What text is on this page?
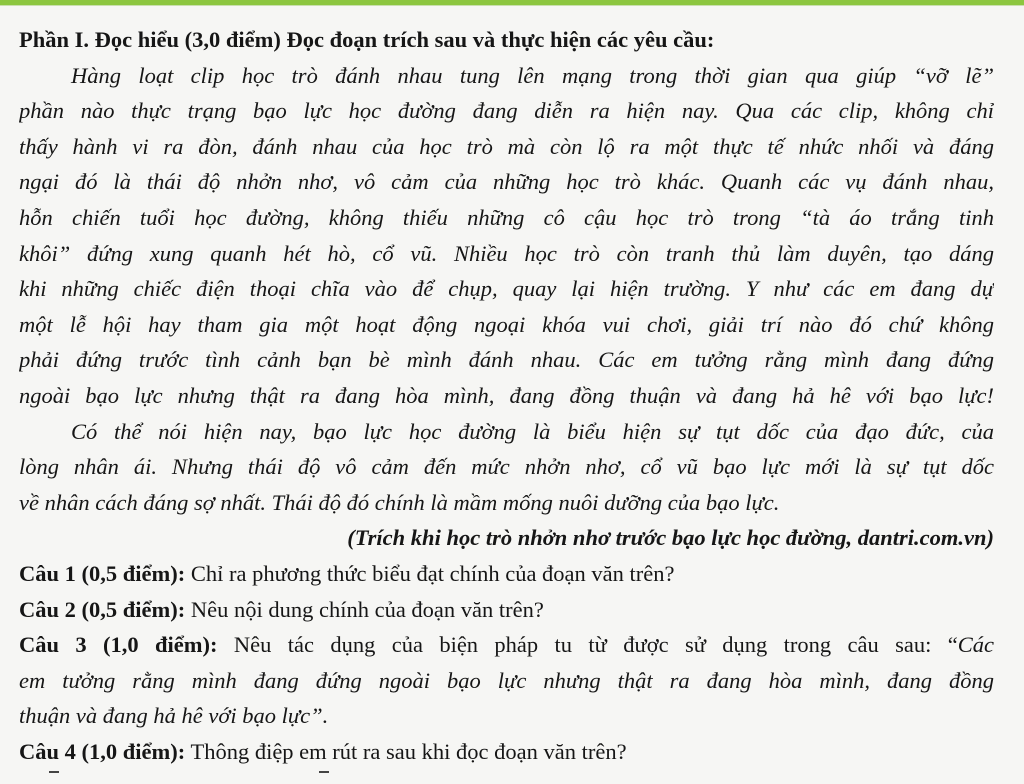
Phần I. Đọc hiểu (3,0 điểm) Đọc đoạn trích sau và thực hiện các yêu cầu:
Hàng loạt clip học trò đánh nhau tung lên mạng trong thời gian qua giúp “vỡ lẽ”
phần nào thực trạng bạo lực học đường đang diễn ra hiện nay. Qua các clip, không chỉ
thấy hành vi ra đòn, đánh nhau của học trò mà còn lộ ra một thực tế nhức nhối và đáng
ngại đó là thái độ nhởn nhơ, vô cảm của những học trò khác. Quanh các vụ đánh nhau,
hỗn chiến tuổi học đường, không thiếu những cô cậu học trò trong “tà áo trắng tinh
khôi” đứng xung quanh hét hò, cổ vũ. Nhiều học trò còn tranh thủ làm duyên, tạo dáng
khi những chiếc điện thoại chĩa vào để chụp, quay lại hiện trường. Y như các em đang dự
một lễ hội hay tham gia một hoạt động ngoại khóa vui chơi, giải trí nào đó chứ không
phải đứng trước tình cảnh bạn bè mình đánh nhau. Các em tưởng rằng mình đang đứng
ngoài bạo lực nhưng thật ra đang hòa mình, đang đồng thuận và đang hả hê với bạo lực!
Có thể nói hiện nay, bạo lực học đường là biểu hiện sự tụt dốc của đạo đức, của
lòng nhân ái. Nhưng thái độ vô cảm đến mức nhởn nhơ, cổ vũ bạo lực mới là sự tụt dốc
về nhân cách đáng sợ nhất. Thái độ đó chính là mầm mống nuôi dưỡng của bạo lực.
(Trích khi học trò nhởn nhơ trước bạo lực học đường, dantri.com.vn)
Câu 1 (0,5 điểm): Chỉ ra phương thức biểu đạt chính của đoạn văn trên?
Câu 2 (0,5 điểm): Nêu nội dung chính của đoạn văn trên?
Câu 3 (1,0 điểm): Nêu tác dụng của biện pháp tu từ được sử dụng trong câu sau: “Các
em tưởng rằng mình đang đứng ngoài bạo lực nhưng thật ra đang hòa mình, đang đồng
thuận và đang hả hê với bạo lực”.
Câu 4 (1,0 điểm): Thông điệp em rút ra sau khi đọc đoạn văn trên?
